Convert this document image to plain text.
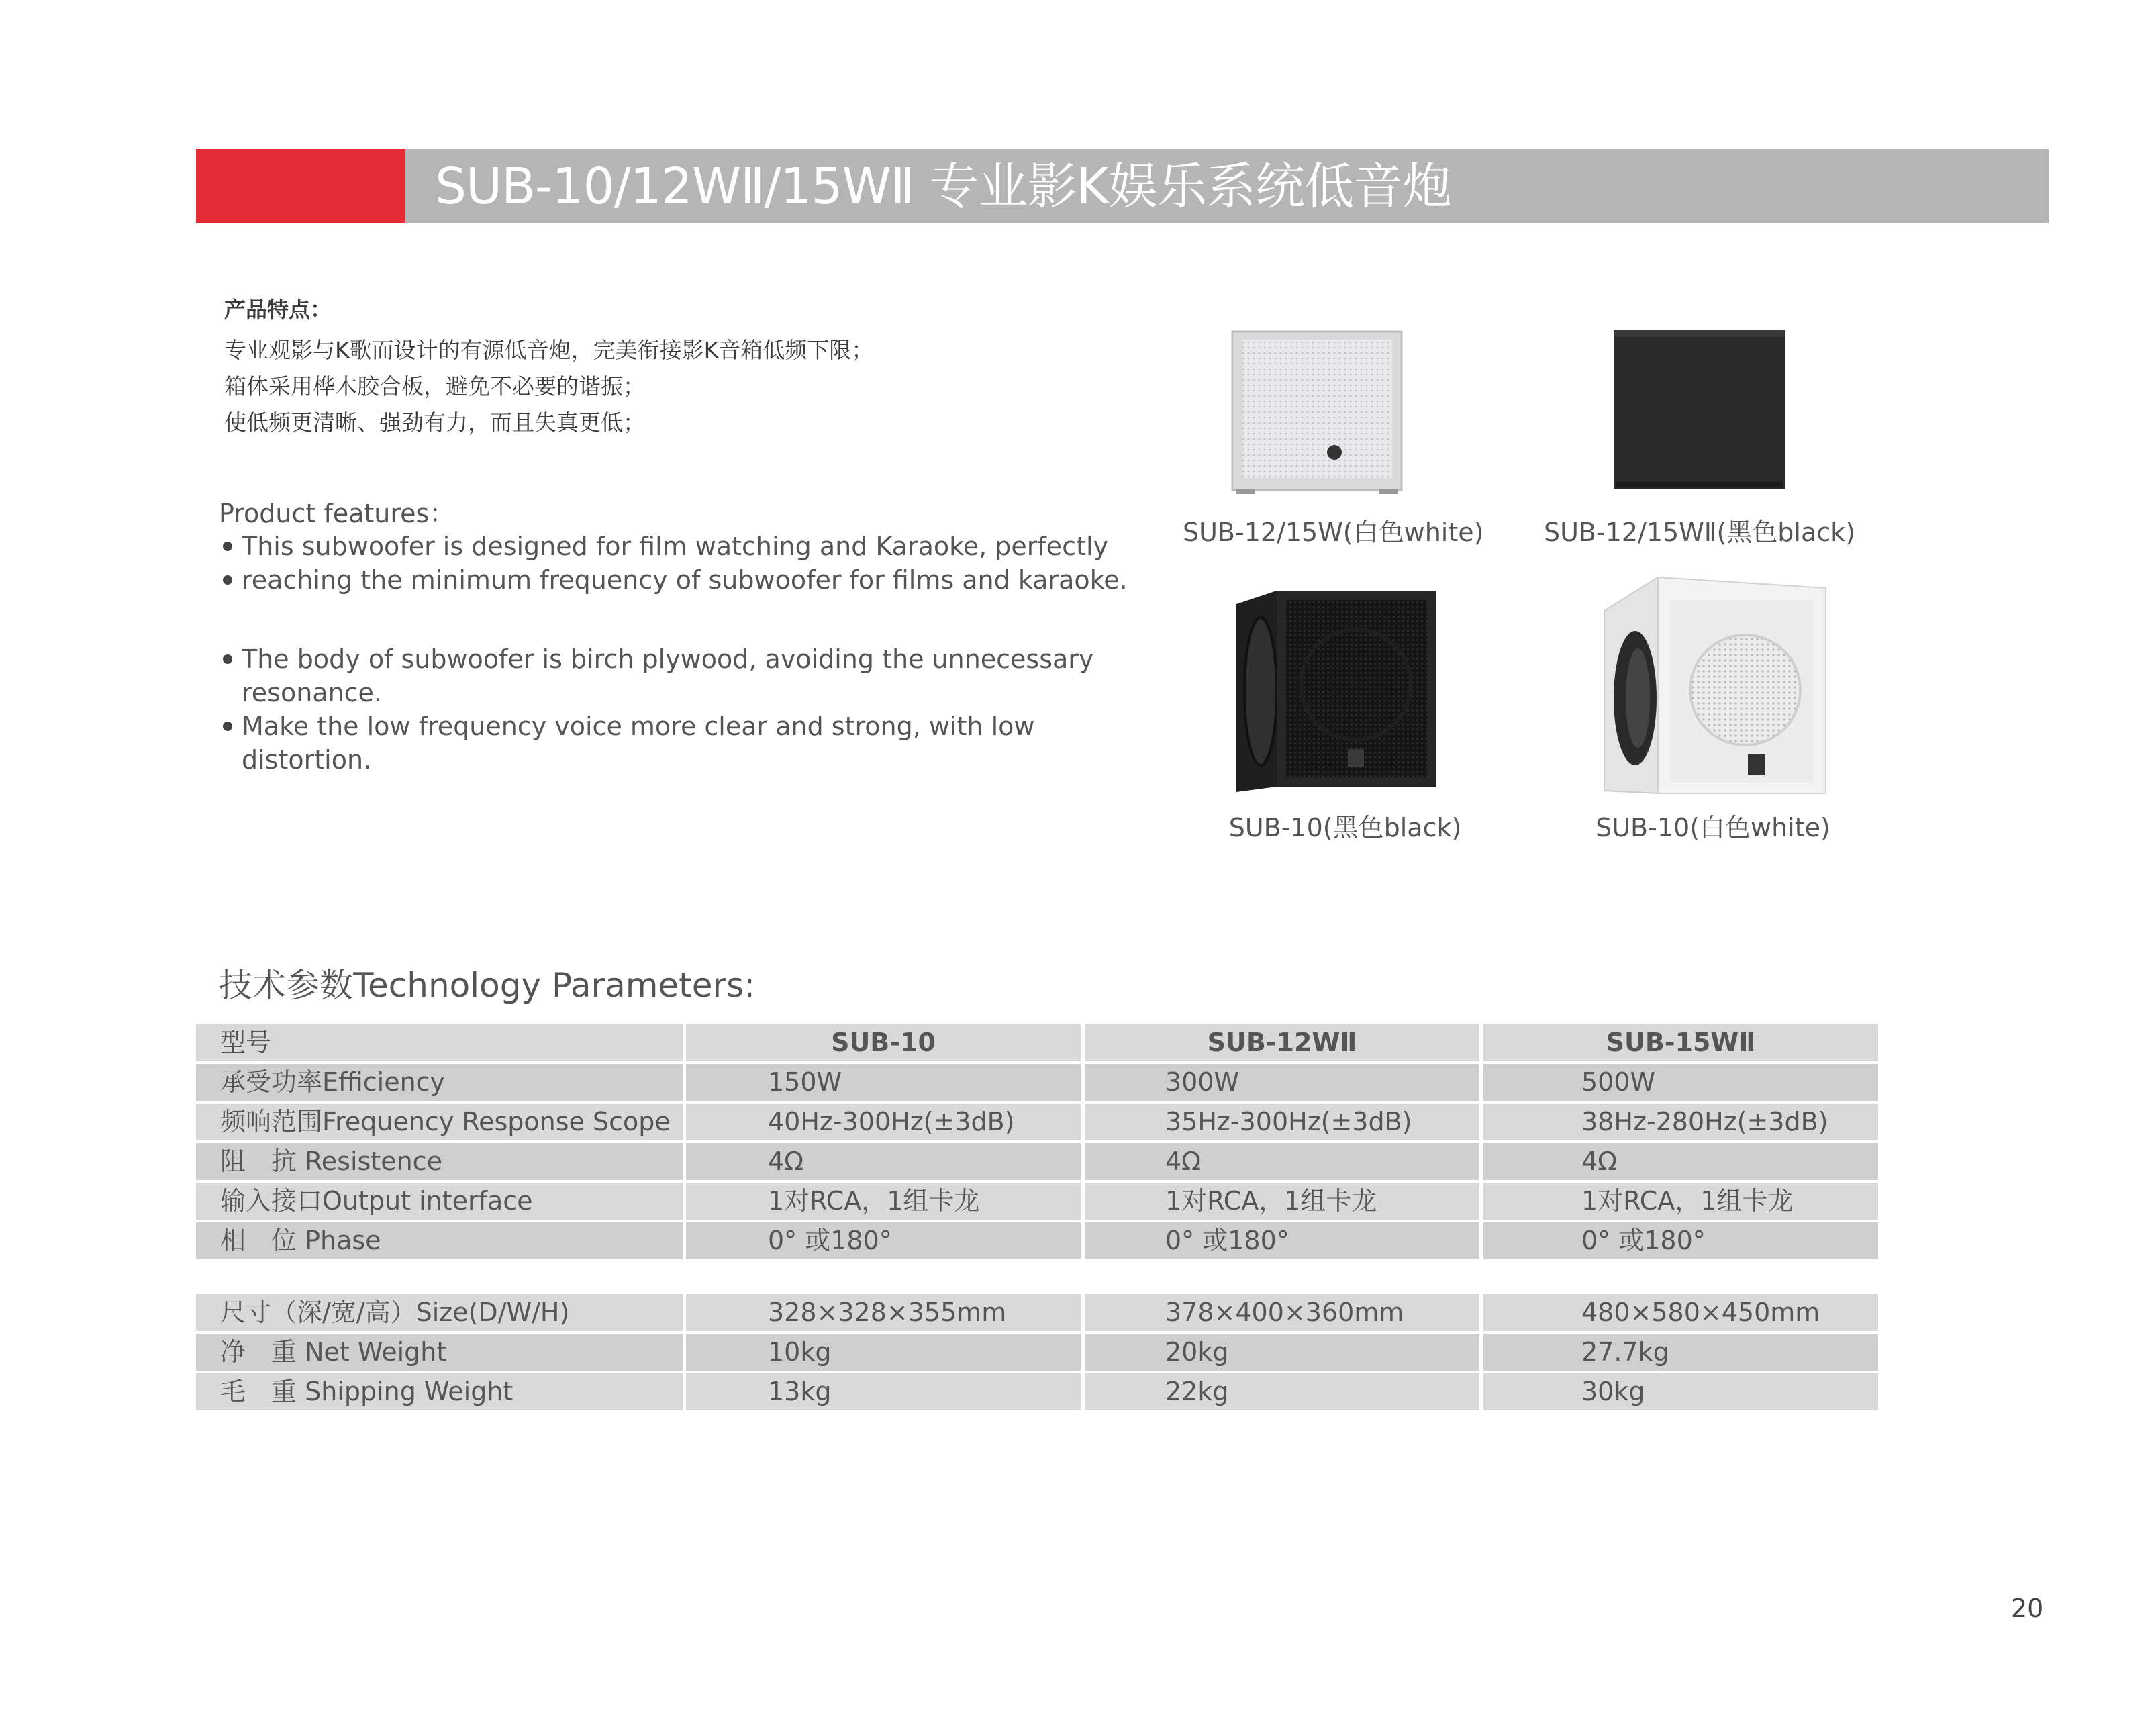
SUB-10/12WⅡ/15WⅡ 专业影K娱乐系统低音炮
产品特点：
专业观影与K歌而设计的有源低音炮，完美衔接影K音箱低频下限；
箱体采用桦木胶合板，避免不必要的谐振；
使低频更清晰、强劲有力，而且失真更低；
Product features：
This subwoofer is designed for film watching and Karaoke, perfectly
reaching the minimum frequency of subwoofer for films and karaoke.
The body of subwoofer is birch plywood, avoiding the unnecessary
resonance.
Make the low frequency voice more clear and strong, with low
distortion.
SUB-12/15W(白色white)	SUB-12/15WⅡ(黑色black)
SUB-10(黑色black)	SUB-10(白色white)
技术参数Technology Parameters:
型号	SUB-10	SUB-12WⅡ	SUB-15WⅡ
承受功率Efficiency	150W	300W	500W
频响范围Frequency Response Scope	40Hz-300Hz(±3dB)	35Hz-300Hz(±3dB)	38Hz-280Hz(±3dB)
阻　抗 Resistence	4Ω	4Ω	4Ω
输入接口Output interface	1对RCA，1组卡龙	1对RCA，1组卡龙	1对RCA，1组卡龙
相　位 Phase	0° 或180°	0° 或180°	0° 或180°
尺寸（深/宽/高）Size(D/W/H)	328×328×355mm	378×400×360mm	480×580×450mm
净　重 Net Weight	10kg	20kg	27.7kg
毛　重 Shipping Weight	13kg	22kg	30kg
20
